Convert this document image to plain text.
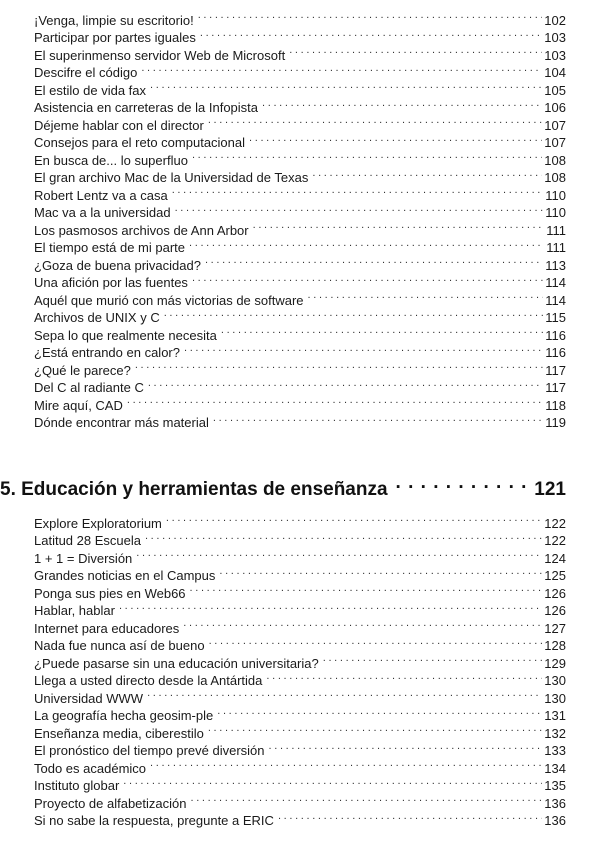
¡Venga, limpie su escritorio! . . .	102
Participar por partes iguales . . .	103
El superinmenso servidor Web de Microsoft . . .	103
Descifre el código . . .	104
El estilo de vida fax . . .	105
Asistencia en carreteras de la Infopista . . .	106
Déjeme hablar con el director . . .	107
Consejos para el reto computacional . . .	107
En busca de... lo superfluo . . .	108
El gran archivo Mac de la Universidad de Texas . . .	108
Robert Lentz va a casa . . .	110
Mac va a la universidad . . .	110
Los pasmosos archivos de Ann Arbor . . .	111
El tiempo está de mi parte . . .	111
¿Goza de buena privacidad? . . .	113
Una afición por las fuentes . . .	114
Aquél que murió con más victorias de software . . .	114
Archivos de UNIX y C . . .	115
Sepa lo que realmente necesita . . .	116
¿Está entrando en calor? . . .	116
¿Qué le parece? . . .	117
Del C al radiante C . . .	117
Mire aquí, CAD . . .	118
Dónde encontrar más material . . .	119
5. Educación y herramientas de enseñanza . . .	121
Explore Exploratorium . . .	122
Latitud 28 Escuela . . .	122
1 + 1 = Diversión . . .	124
Grandes noticias en el Campus . . .	125
Ponga sus pies en Web66 . . .	126
Hablar, hablar . . .	126
Internet para educadores . . .	127
Nada fue nunca así de bueno . . .	128
¿Puede pasarse sin una educación universitaria? . . .	129
Llega a usted directo desde la Antártida . . .	130
Universidad WWW . . .	130
La geografía hecha geosim-ple . . .	131
Enseñanza media, ciberestilo . . .	132
El pronóstico del tiempo prevé diversión . . .	133
Todo es académico . . .	134
Instituto globar . . .	135
Proyecto de alfabetización . . .	136
Si no sabe la respuesta, pregunte a ERIC . . .	136
